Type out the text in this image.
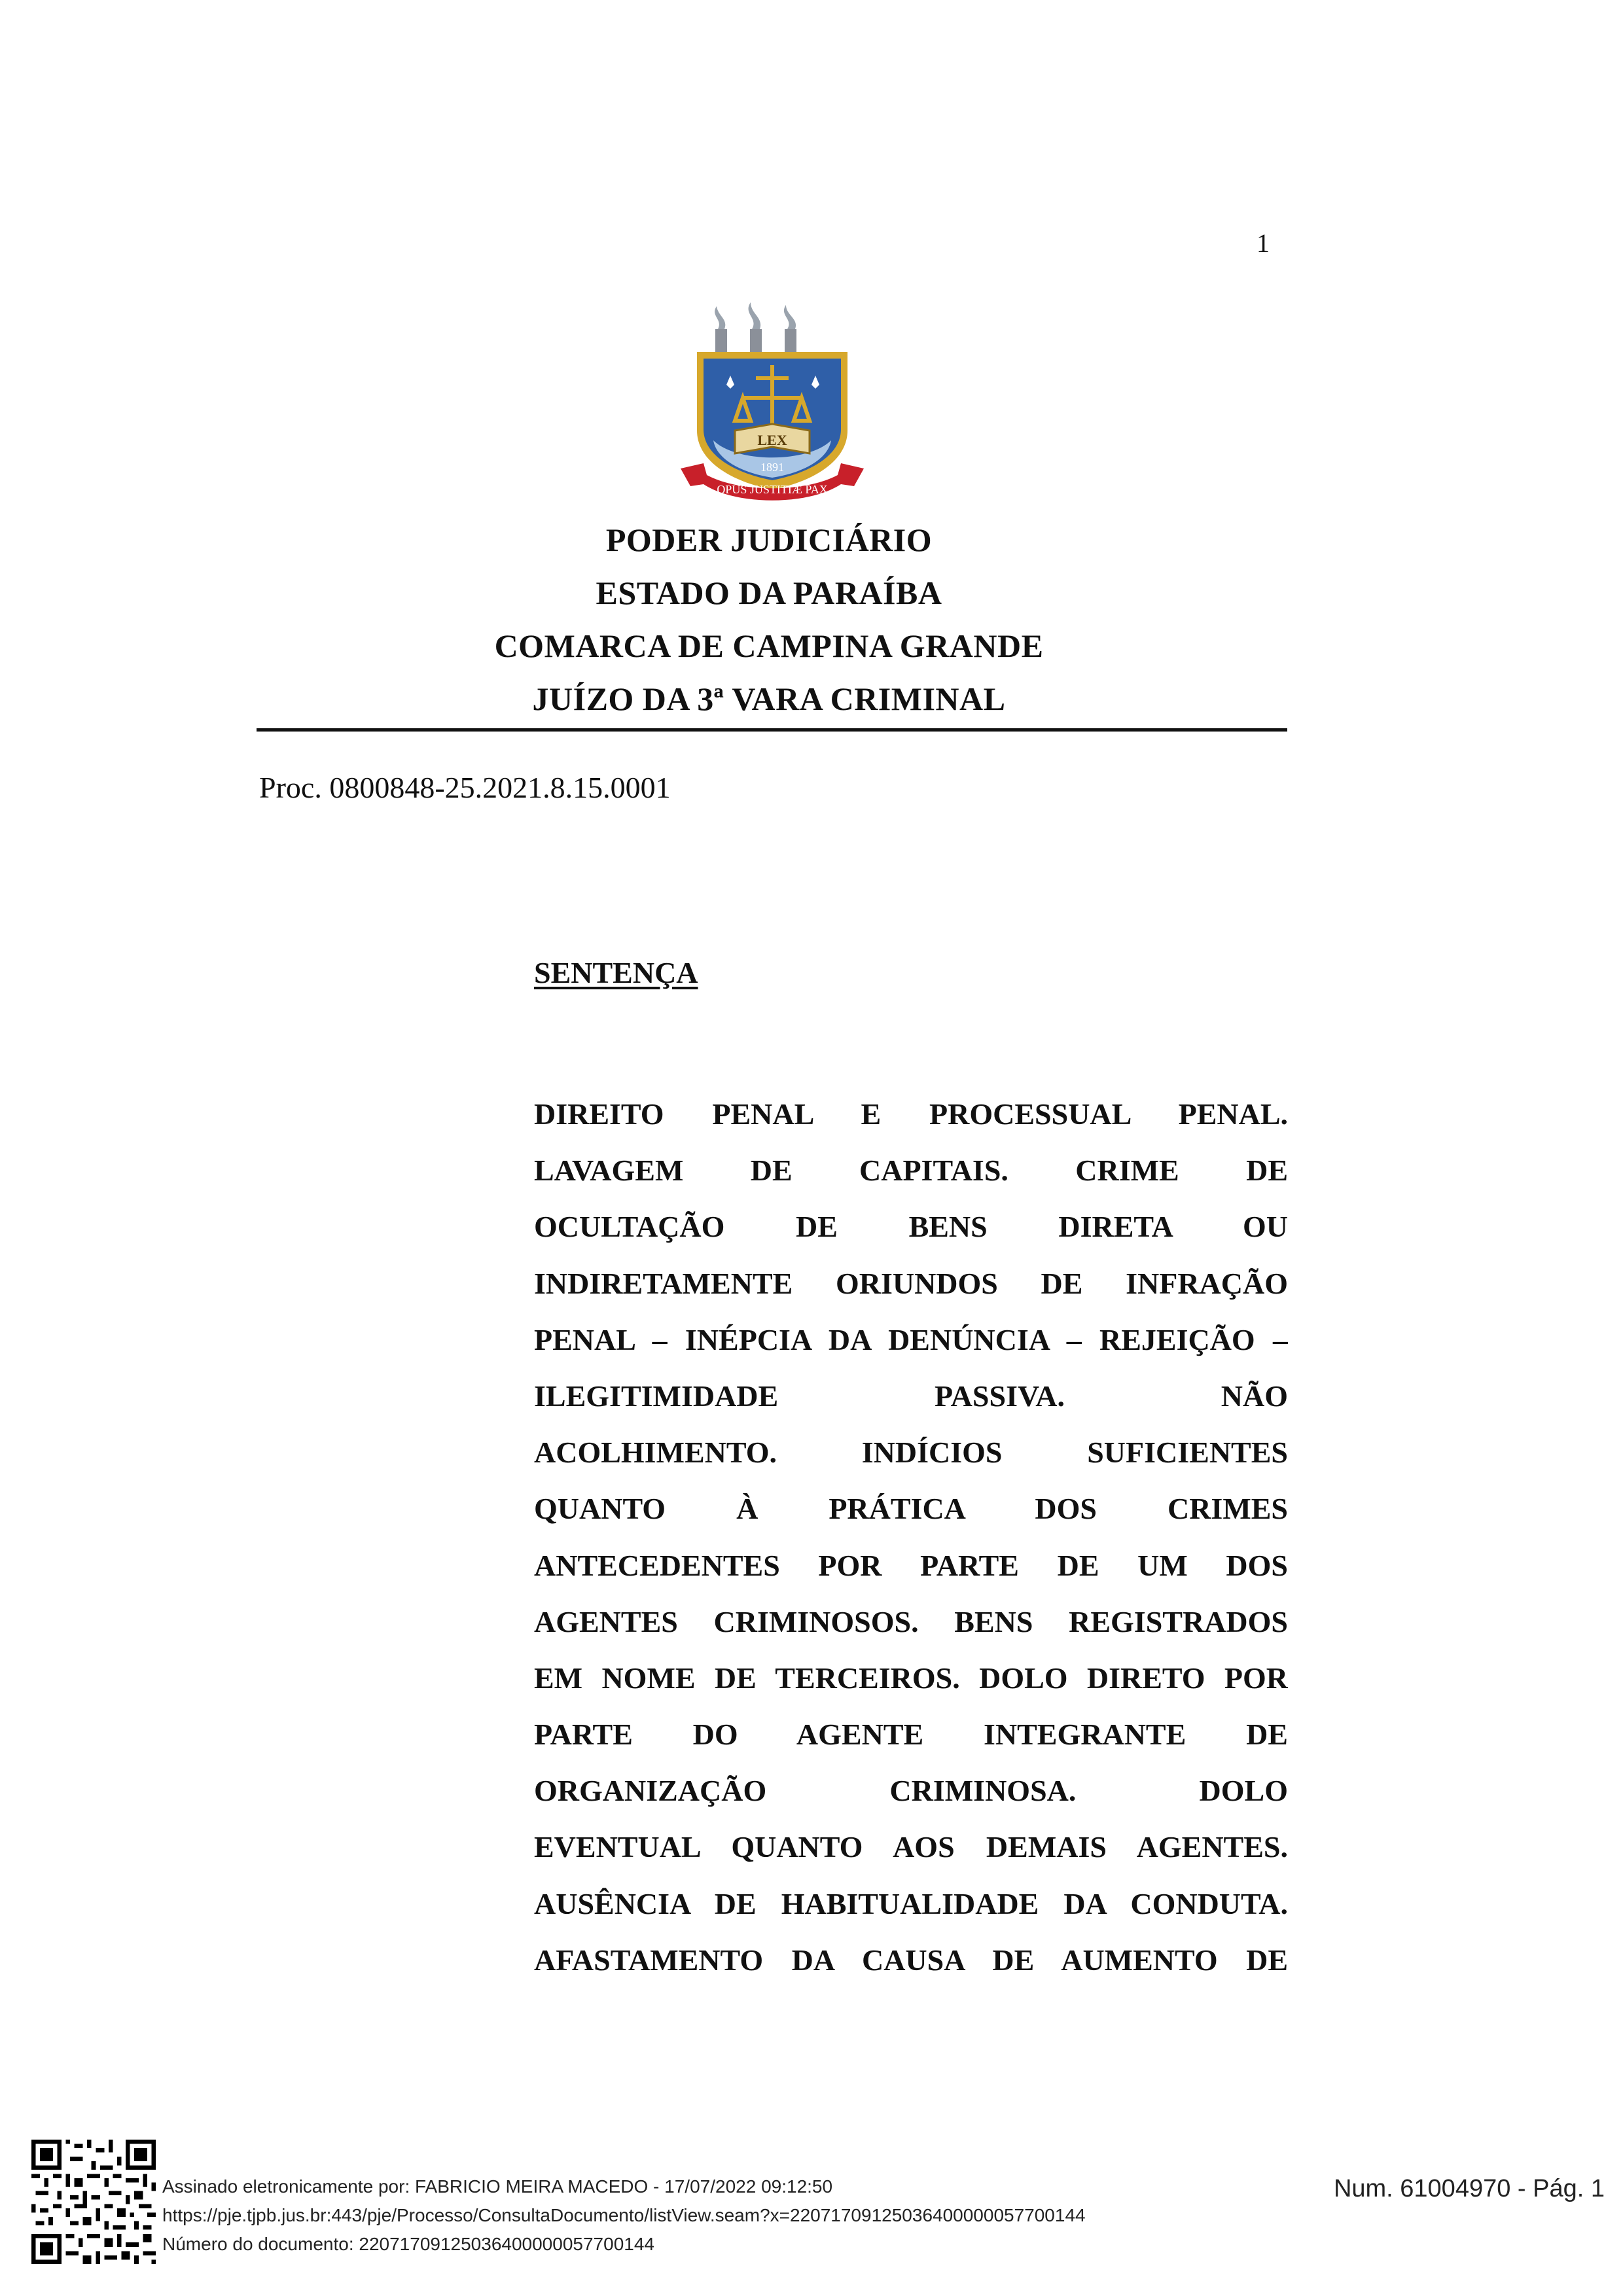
1
LEX
1891
OPUS JUSTITIÆ PAX
PODER JUDICIÁRIO
ESTADO DA PARAÍBA
COMARCA DE CAMPINA GRANDE
JUÍZO DA 3ª VARA CRIMINAL
Proc. 0800848-25.2021.8.15.0001
SENTENÇA
DIREITO PENAL E PROCESSUAL PENAL.
LAVAGEM DE CAPITAIS. CRIME DE
OCULTAÇÃO DE BENS DIRETA OU
INDIRETAMENTE ORIUNDOS DE INFRAÇÃO
PENAL – INÉPCIA DA DENÚNCIA – REJEIÇÃO –
ILEGITIMIDADE PASSIVA. NÃO
ACOLHIMENTO. INDÍCIOS SUFICIENTES
QUANTO À PRÁTICA DOS CRIMES
ANTECEDENTES POR PARTE DE UM DOS
AGENTES CRIMINOSOS. BENS REGISTRADOS
EM NOME DE TERCEIROS. DOLO DIRETO POR
PARTE DO AGENTE INTEGRANTE DE
ORGANIZAÇÃO CRIMINOSA. DOLO
EVENTUAL QUANTO AOS DEMAIS AGENTES.
AUSÊNCIA DE HABITUALIDADE DA CONDUTA.
AFASTAMENTO DA CAUSA DE AUMENTO DE
Assinado eletronicamente por: FABRICIO MEIRA MACEDO - 17/07/2022 09:12:50
https://pje.tjpb.jus.br:443/pje/Processo/ConsultaDocumento/listView.seam?x=22071709125036400000057700144
Número do documento: 22071709125036400000057700144
Num. 61004970 - Pág. 1
